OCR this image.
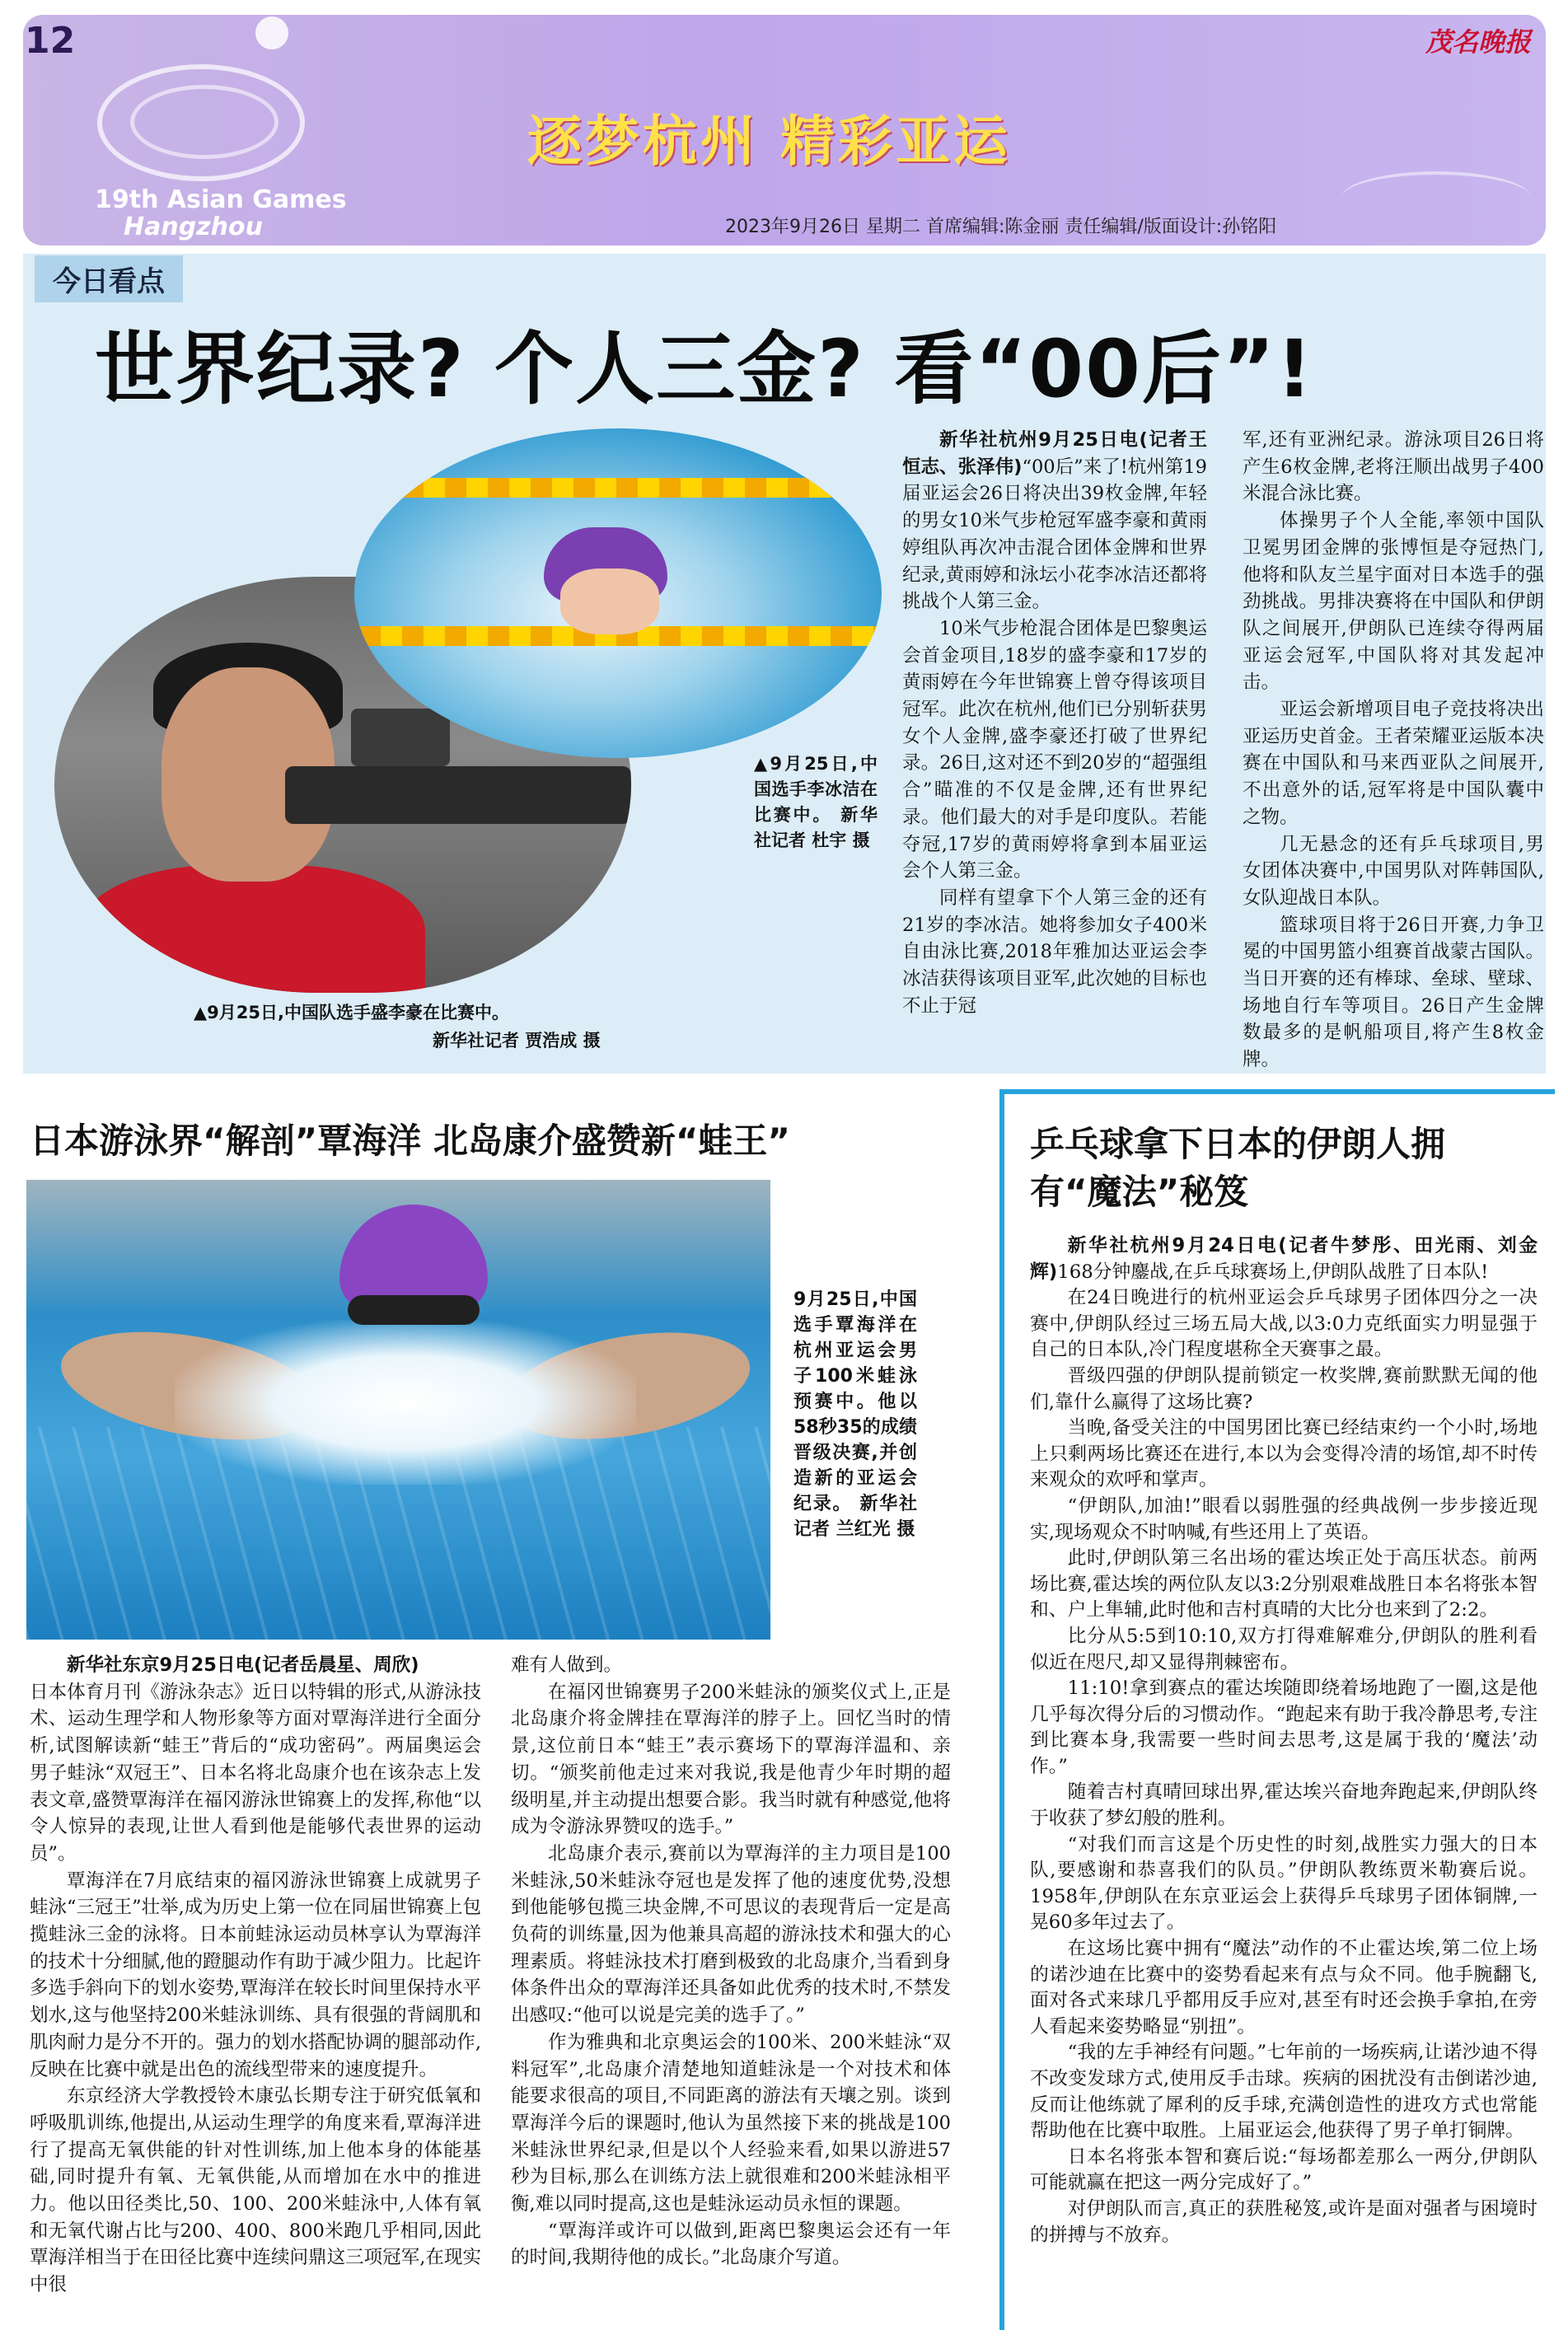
12	茂名晚报
逐梦杭州 精彩亚运
19th Asian Games
Hangzhou	2023年9月26日 星期二 首席编辑:陈金丽 责任编辑/版面设计:孙铭阳
今日看点
世界纪录? 个人三金? 看“00后”!
▲9月25日,中国选手李冰洁在比赛中。 新华社记者 杜宇 摄
▲9月25日,中国队选手盛李豪在比赛中。
新华社记者 贾浩成 摄

新华社杭州9月25日电(记者王恒志、张泽伟)“00后”来了!杭州第19届亚运会26日将决出39枚金牌,年轻的男女10米气步枪冠军盛李豪和黄雨婷组队再次冲击混合团体金牌和世界纪录,黄雨婷和泳坛小花李冰洁还都将挑战个人第三金。

10米气步枪混合团体是巴黎奥运会首金项目,18岁的盛李豪和17岁的黄雨婷在今年世锦赛上曾夺得该项目冠军。此次在杭州,他们已分别斩获男女个人金牌,盛李豪还打破了世界纪录。26日,这对还不到20岁的“超强组合”瞄准的不仅是金牌,还有世界纪录。他们最大的对手是印度队。若能夺冠,17岁的黄雨婷将拿到本届亚运会个人第三金。

同样有望拿下个人第三金的还有21岁的李冰洁。她将参加女子400米自由泳比赛,2018年雅加达亚运会李冰洁获得该项目亚军,此次她的目标也不止于冠

军,还有亚洲纪录。游泳项目26日将产生6枚金牌,老将汪顺出战男子400米混合泳比赛。

体操男子个人全能,率领中国队卫冕男团金牌的张博恒是夺冠热门,他将和队友兰星宇面对日本选手的强劲挑战。男排决赛将在中国队和伊朗队之间展开,伊朗队已连续夺得两届亚运会冠军,中国队将对其发起冲击。

亚运会新增项目电子竞技将决出亚运历史首金。王者荣耀亚运版本决赛在中国队和马来西亚队之间展开,不出意外的话,冠军将是中国队囊中之物。

几无悬念的还有乒乓球项目,男女团体决赛中,中国男队对阵韩国队,女队迎战日本队。

篮球项目将于26日开赛,力争卫冕的中国男篮小组赛首战蒙古国队。当日开赛的还有棒球、垒球、壁球、场地自行车等项目。26日产生金牌数最多的是帆船项目,将产生8枚金牌。

日本游泳界“解剖”覃海洋 北岛康介盛赞新“蛙王”
9月25日,中国选手覃海洋在杭州亚运会男子100米蛙泳预赛中。他以58秒35的成绩晋级决赛,并创造新的亚运会纪录。 新华社记者 兰红光 摄

新华社东京9月25日电(记者岳晨星、周欣)

日本体育月刊《游泳杂志》近日以特辑的形式,从游泳技术、运动生理学和人物形象等方面对覃海洋进行全面分析,试图解读新“蛙王”背后的“成功密码”。两届奥运会男子蛙泳“双冠王”、日本名将北岛康介也在该杂志上发表文章,盛赞覃海洋在福冈游泳世锦赛上的发挥,称他“以令人惊异的表现,让世人看到他是能够代表世界的运动员”。

覃海洋在7月底结束的福冈游泳世锦赛上成就男子蛙泳“三冠王”壮举,成为历史上第一位在同届世锦赛上包揽蛙泳三金的泳将。日本前蛙泳运动员林享认为覃海洋的技术十分细腻,他的蹬腿动作有助于减少阻力。比起许多选手斜向下的划水姿势,覃海洋在较长时间里保持水平划水,这与他坚持200米蛙泳训练、具有很强的背阔肌和肌肉耐力是分不开的。强力的划水搭配协调的腿部动作,反映在比赛中就是出色的流线型带来的速度提升。

东京经济大学教授铃木康弘长期专注于研究低氧和呼吸肌训练,他提出,从运动生理学的角度来看,覃海洋进行了提高无氧供能的针对性训练,加上他本身的体能基础,同时提升有氧、无氧供能,从而增加在水中的推进力。他以田径类比,50、100、200米蛙泳中,人体有氧和无氧代谢占比与200、400、800米跑几乎相同,因此覃海洋相当于在田径比赛中连续问鼎这三项冠军,在现实中很

难有人做到。

在福冈世锦赛男子200米蛙泳的颁奖仪式上,正是北岛康介将金牌挂在覃海洋的脖子上。回忆当时的情景,这位前日本“蛙王”表示赛场下的覃海洋温和、亲切。“颁奖前他走过来对我说,我是他青少年时期的超级明星,并主动提出想要合影。我当时就有种感觉,他将成为令游泳界赞叹的选手。”

北岛康介表示,赛前以为覃海洋的主力项目是100米蛙泳,50米蛙泳夺冠也是发挥了他的速度优势,没想到他能够包揽三块金牌,不可思议的表现背后一定是高负荷的训练量,因为他兼具高超的游泳技术和强大的心理素质。将蛙泳技术打磨到极致的北岛康介,当看到身体条件出众的覃海洋还具备如此优秀的技术时,不禁发出感叹:“他可以说是完美的选手了。”

作为雅典和北京奥运会的100米、200米蛙泳“双料冠军”,北岛康介清楚地知道蛙泳是一个对技术和体能要求很高的项目,不同距离的游法有天壤之别。谈到覃海洋今后的课题时,他认为虽然接下来的挑战是100米蛙泳世界纪录,但是以个人经验来看,如果以游进57秒为目标,那么在训练方法上就很难和200米蛙泳相平衡,难以同时提高,这也是蛙泳运动员永恒的课题。

“覃海洋或许可以做到,距离巴黎奥运会还有一年的时间,我期待他的成长。”北岛康介写道。

乒乓球拿下日本的伊朗人拥有“魔法”秘笈

新华社杭州9月24日电(记者牛梦彤、田光雨、刘金辉)168分钟鏖战,在乒乓球赛场上,伊朗队战胜了日本队!

在24日晚进行的杭州亚运会乒乓球男子团体四分之一决赛中,伊朗队经过三场五局大战,以3:0力克纸面实力明显强于自己的日本队,冷门程度堪称全天赛事之最。

晋级四强的伊朗队提前锁定一枚奖牌,赛前默默无闻的他们,靠什么赢得了这场比赛?

当晚,备受关注的中国男团比赛已经结束约一个小时,场地上只剩两场比赛还在进行,本以为会变得冷清的场馆,却不时传来观众的欢呼和掌声。

“伊朗队,加油!”眼看以弱胜强的经典战例一步步接近现实,现场观众不时呐喊,有些还用上了英语。

此时,伊朗队第三名出场的霍达埃正处于高压状态。前两场比赛,霍达埃的两位队友以3:2分别艰难战胜日本名将张本智和、户上隼辅,此时他和吉村真晴的大比分也来到了2:2。

比分从5:5到10:10,双方打得难解难分,伊朗队的胜利看似近在咫尺,却又显得荆棘密布。

11:10!拿到赛点的霍达埃随即绕着场地跑了一圈,这是他几乎每次得分后的习惯动作。“跑起来有助于我冷静思考,专注到比赛本身,我需要一些时间去思考,这是属于我的‘魔法’动作。”

随着吉村真晴回球出界,霍达埃兴奋地奔跑起来,伊朗队终于收获了梦幻般的胜利。

“对我们而言这是个历史性的时刻,战胜实力强大的日本队,要感谢和恭喜我们的队员。”伊朗队教练贾米勒赛后说。1958年,伊朗队在东京亚运会上获得乒乓球男子团体铜牌,一晃60多年过去了。

在这场比赛中拥有“魔法”动作的不止霍达埃,第二位上场的诺沙迪在比赛中的姿势看起来有点与众不同。他手腕翻飞,面对各式来球几乎都用反手应对,甚至有时还会换手拿拍,在旁人看起来姿势略显“别扭”。

“我的左手神经有问题。”七年前的一场疾病,让诺沙迪不得不改变发球方式,使用反手击球。疾病的困扰没有击倒诺沙迪,反而让他练就了犀利的反手球,充满创造性的进攻方式也常能帮助他在比赛中取胜。上届亚运会,他获得了男子单打铜牌。

日本名将张本智和赛后说:“每场都差那么一两分,伊朗队可能就赢在把这一两分完成好了。”

对伊朗队而言,真正的获胜秘笈,或许是面对强者与困境时的拼搏与不放弃。
